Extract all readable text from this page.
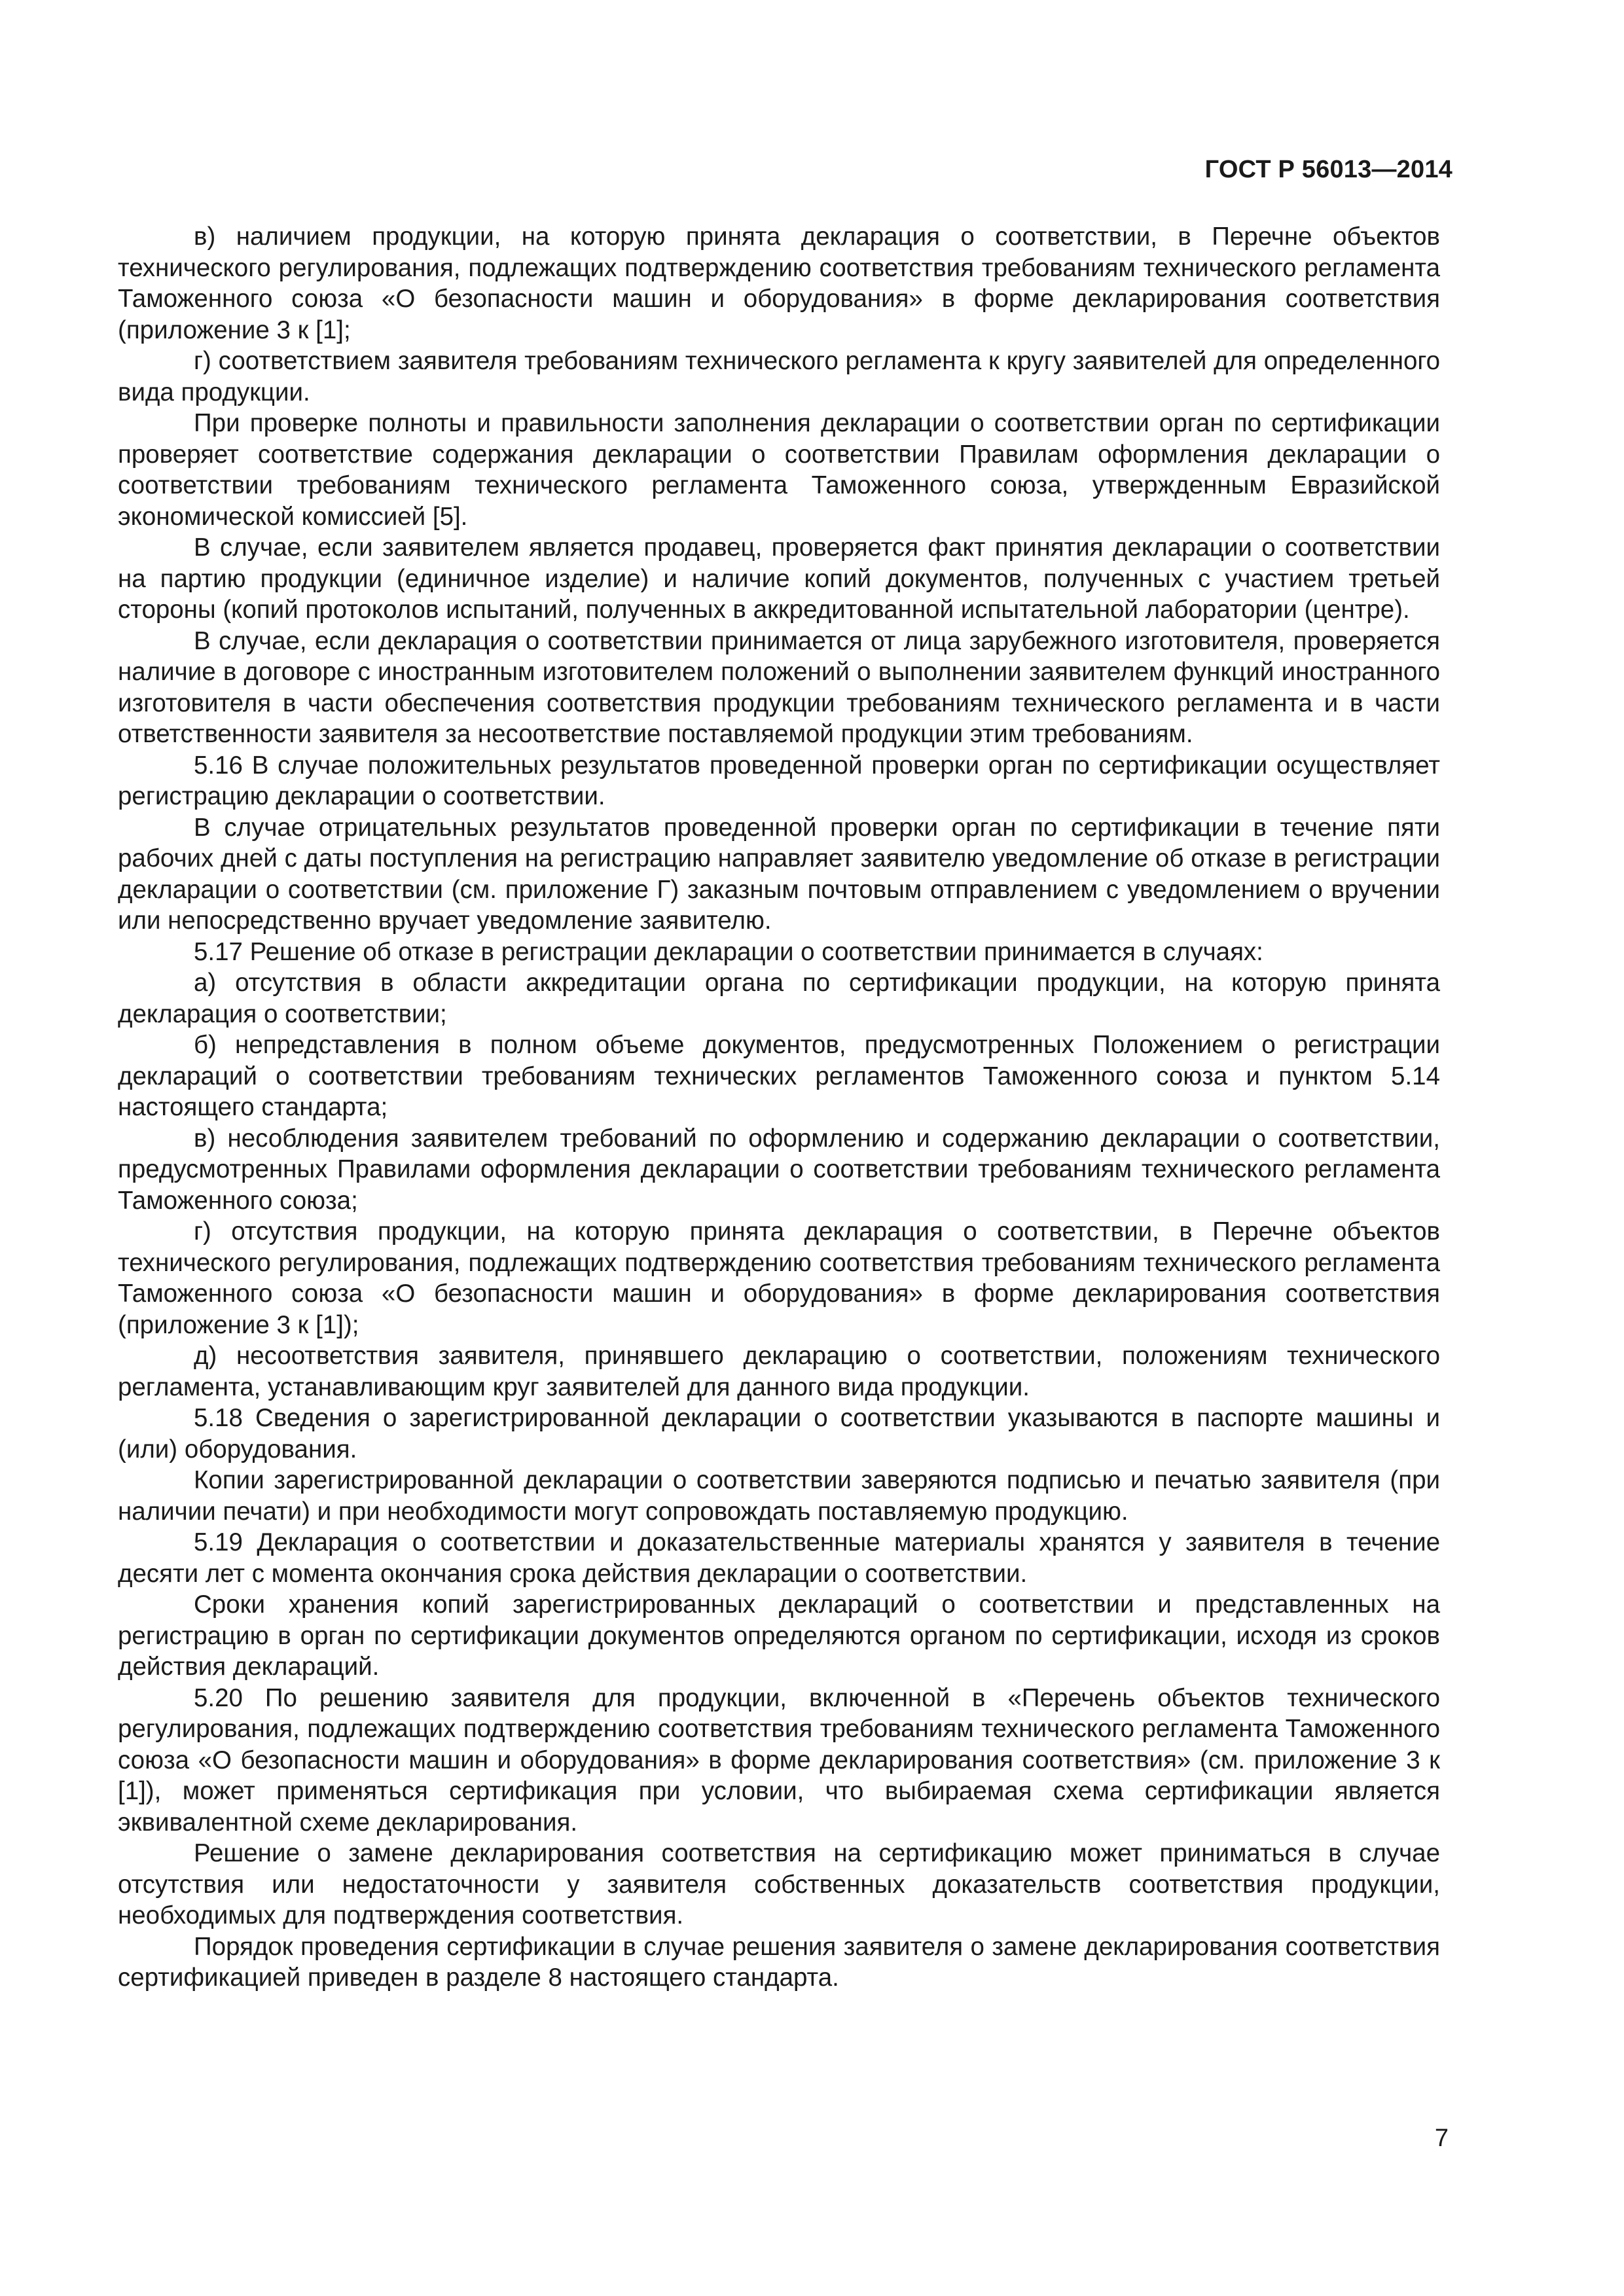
ГОСТ Р 56013—2014

в) наличием продукции, на которую принята декларация о соответствии, в Перечне объектов технического регулирования, подлежащих подтверждению соответствия требованиям технического регламента Таможенного союза «О безопасности машин и оборудования» в форме декларирования соответствия (приложение 3 к [1];

г) соответствием заявителя требованиям технического регламента к кругу заявителей для определенного вида продукции.

При проверке полноты и правильности заполнения декларации о соответствии орган по сертификации проверяет соответствие содержания декларации о соответствии Правилам оформления декларации о соответствии требованиям технического регламента Таможенного союза, утвержденным Евразийской экономической комиссией [5].

В случае, если заявителем является продавец, проверяется факт принятия декларации о соответствии на партию продукции (единичное изделие) и наличие копий документов, полученных с участием третьей стороны (копий протоколов испытаний, полученных в аккредитованной испытательной лаборатории (центре).

В случае, если декларация о соответствии принимается от лица зарубежного изготовителя, проверяется наличие в договоре с иностранным изготовителем положений о выполнении заявителем функций иностранного изготовителя в части обеспечения соответствия продукции требованиям технического регламента и в части ответственности заявителя за несоответствие поставляемой продукции этим требованиям.

5.16 В случае положительных результатов проведенной проверки орган по сертификации осуществляет регистрацию декларации о соответствии.

В случае отрицательных результатов проведенной проверки орган по сертификации в течение пяти рабочих дней с даты поступления на регистрацию направляет заявителю уведомление об отказе в регистрации декларации о соответствии (см. приложение Г) заказным почтовым отправлением с уведомлением о вручении или непосредственно вручает уведомление заявителю.

5.17 Решение об отказе в регистрации декларации о соответствии принимается в случаях:

а) отсутствия в области аккредитации органа по сертификации продукции, на которую принята декларация о соответствии;

б) непредставления в полном объеме документов, предусмотренных Положением о регистрации деклараций о соответствии требованиям технических регламентов Таможенного союза и пунктом 5.14 настоящего стандарта;

в) несоблюдения заявителем требований по оформлению и содержанию декларации о соответствии, предусмотренных Правилами оформления декларации о соответствии требованиям технического регламента Таможенного союза;

г) отсутствия продукции, на которую принята декларация о соответствии, в Перечне объектов технического регулирования, подлежащих подтверждению соответствия требованиям технического регламента Таможенного союза «О безопасности машин и оборудования» в форме декларирования соответствия (приложение 3 к [1]);

д) несоответствия заявителя, принявшего декларацию о соответствии, положениям технического регламента, устанавливающим круг заявителей для данного вида продукции.

5.18 Сведения о зарегистрированной декларации о соответствии указываются в паспорте машины и (или) оборудования.

Копии зарегистрированной декларации о соответствии заверяются подписью и печатью заявителя (при наличии печати) и при необходимости могут сопровождать поставляемую продукцию.

5.19 Декларация о соответствии и доказательственные материалы хранятся у заявителя в течение десяти лет с момента окончания срока действия декларации о соответствии.

Сроки хранения копий зарегистрированных деклараций о соответствии и представленных на регистрацию в орган по сертификации документов определяются органом по сертификации, исходя из сроков действия деклараций.

5.20 По решению заявителя для продукции, включенной в «Перечень объектов технического регулирования, подлежащих подтверждению соответствия требованиям технического регламента Таможенного союза «О безопасности машин и оборудования» в форме декларирования соответствия» (см. приложение 3 к [1]), может применяться сертификация при условии, что выбираемая схема сертификации является эквивалентной схеме декларирования.

Решение о замене декларирования соответствия на сертификацию может приниматься в случае отсутствия или недостаточности у заявителя собственных доказательств соответствия продукции, необходимых для подтверждения соответствия.

Порядок проведения сертификации в случае решения заявителя о замене декларирования соответствия сертификацией приведен в разделе 8 настоящего стандарта.

7
